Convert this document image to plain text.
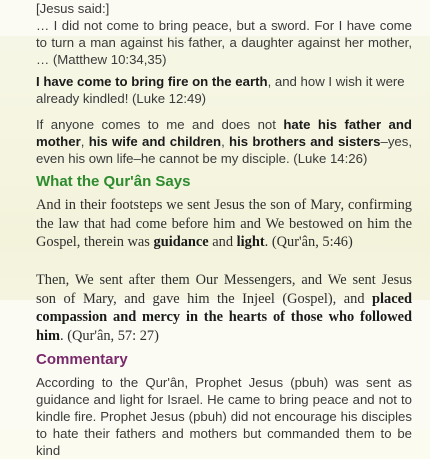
[Jesus said:]
… I did not come to bring peace, but a sword. For I have come to turn a man against his father, a daughter against her mother, … (Matthew 10:34,35)
I have come to bring fire on the earth, and how I wish it were already kindled! (Luke 12:49)
If anyone comes to me and does not hate his father and mother, his wife and children, his brothers and sisters–yes, even his own life–he cannot be my disciple. (Luke 14:26)
What the Qur'ân Says
And in their footsteps we sent Jesus the son of Mary, confirming the law that had come before him and We bestowed on him the Gospel, therein was guidance and light. (Qur'ân, 5:46)
Then, We sent after them Our Messengers, and We sent Jesus son of Mary, and gave him the Injeel (Gospel), and placed compassion and mercy in the hearts of those who followed him. (Qur'ân, 57: 27)
Commentary
According to the Qur'ân, Prophet Jesus (pbuh) was sent as guidance and light for Israel. He came to bring peace and not to kindle fire. Prophet Jesus (pbuh) did not encourage his disciples to hate their fathers and mothers but commanded them to be kind
